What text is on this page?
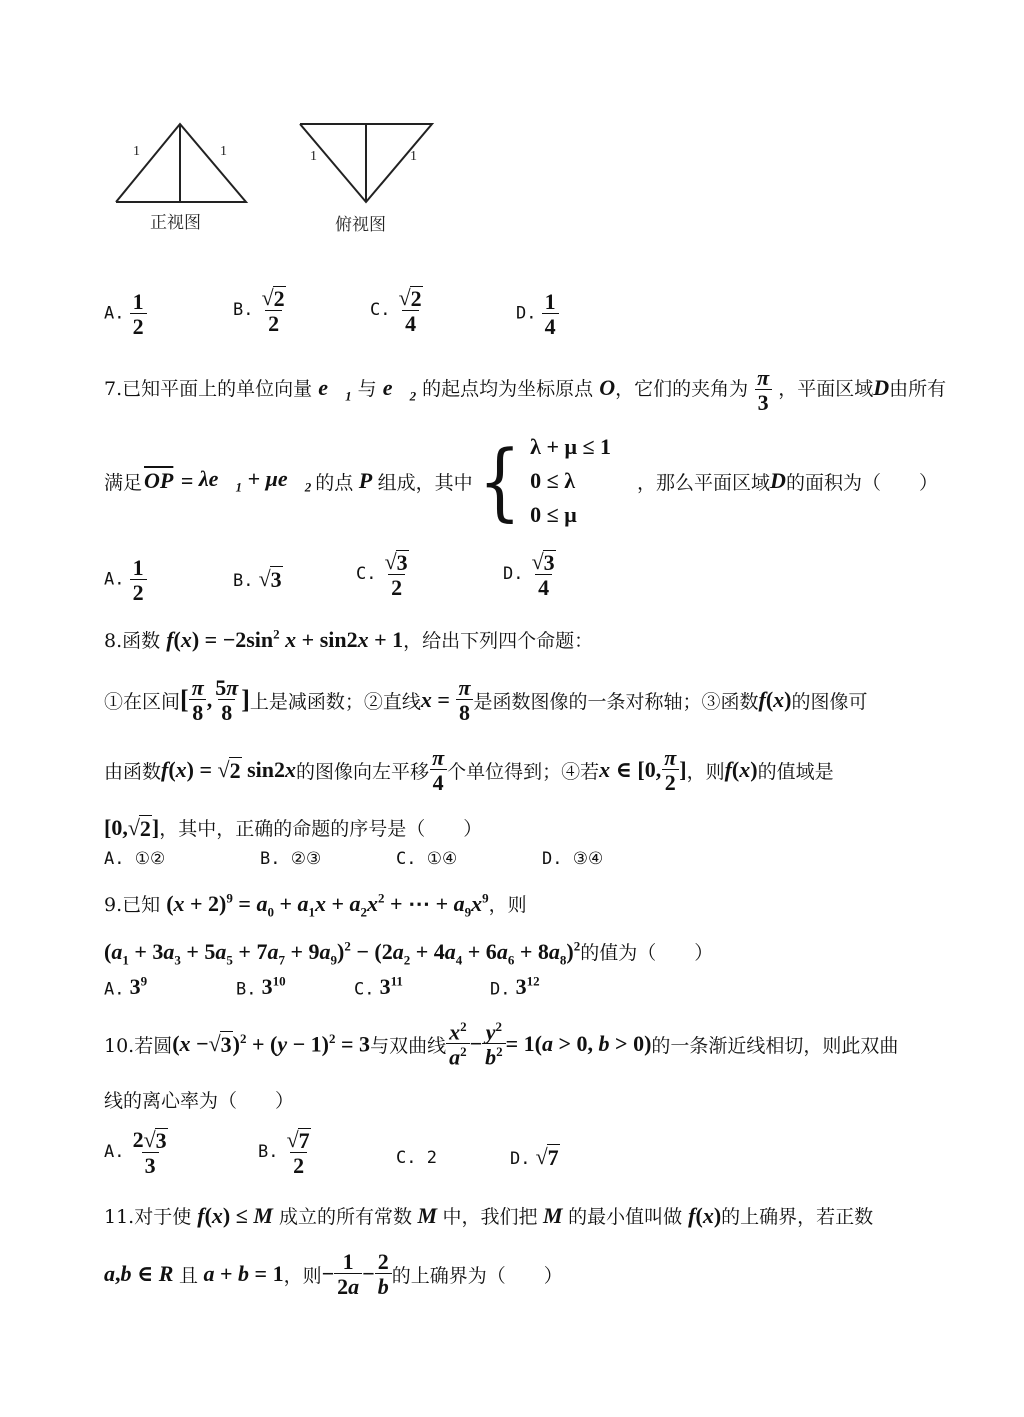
1	1
正视图
1	1
俯视图
A. $\frac{1}{2}$	B. $\frac{√ 2}{2}$	C. $\frac{√ 2}{4}$	D. $\frac{1}{4}$
7.已知平面上的单位向量 $e⃗_1$ 与 $e⃗_2$ 的起点均为坐标原点 O，它们的夹角为 $\frac{\pi}{3}$ ，平面区域D由所有
满足 $\overline{OP}$ = $\lambda e⃗_1$ + $\mu e⃗_2$ 的点 P 组成，其中 { λ + μ ≤ 1
0 ≤ λ
0 ≤ μ
，那么平面区域 D 的面积为（　　）
A. $\frac{1}{2}$	B. √ 3	C. $\frac{√ 3}{2}$	D. $\frac{√ 3}{4}$
8.函数 $f(x) = -2\sin^2$ x + sin2x + 1，给出下列四个命题：
①在区间 [ $\frac{\pi}{8}$ , $\frac{5\pi}{8}$ ] 上是减函数；②直线 $x = \frac{\pi}{8}$ 是函数图像的一条对称轴；③函数 f(x) 的图像可
由函数 f(x) = √ 2 sin2x 的图像向左平移 $\frac{\pi}{4}$ 个单位得到；④若 x ∈ [0, $\frac{\pi}{2}$ ] ，则 f(x) 的值域是
[0, √ 2 ]，其中，正确的命题的序号是（　　）
A. ①②	B. ②③	C. ①④	D. ③④
9.已知 $(x + 2)^9 = a_0 + a_1x + a_2x^2$ + ⋯ + $a_9x^9$，则
$(a_1 + 3a_3 + 5a_5 + 7a_7 + 9a_9)^2 - (2a_2 + 4a_4 + 6a_6 + 8a_8)^2$的值为（　　）
A. $3^9$	B. $3^{10}$	C. $3^{11}$	D. $3^{12}$
10.若圆 (x − √ 3 )$^2 + (y - 1)^2 = 3$ 与双曲线 $\frac{x^2}{a^2} - \frac{y^2}{b^2} = 1(a > 0$, b > 0) 的一条渐近线相切，则此双曲
线的离心率为（　　）
A. $\frac{2 √ 3}{3}$	B. $\frac{√ 7}{2}$	C. 2	D. √ 7
11.对于使 f(x) ≤ M 成立的所有常数 M 中，我们把 M 的最小值叫做 f(x)的上确界，若正数
a,b ∈ R 且 a + b = 1 ，则 − $\frac{1}{2a} - \frac{2}{b}$ 的上确界为（　　）
